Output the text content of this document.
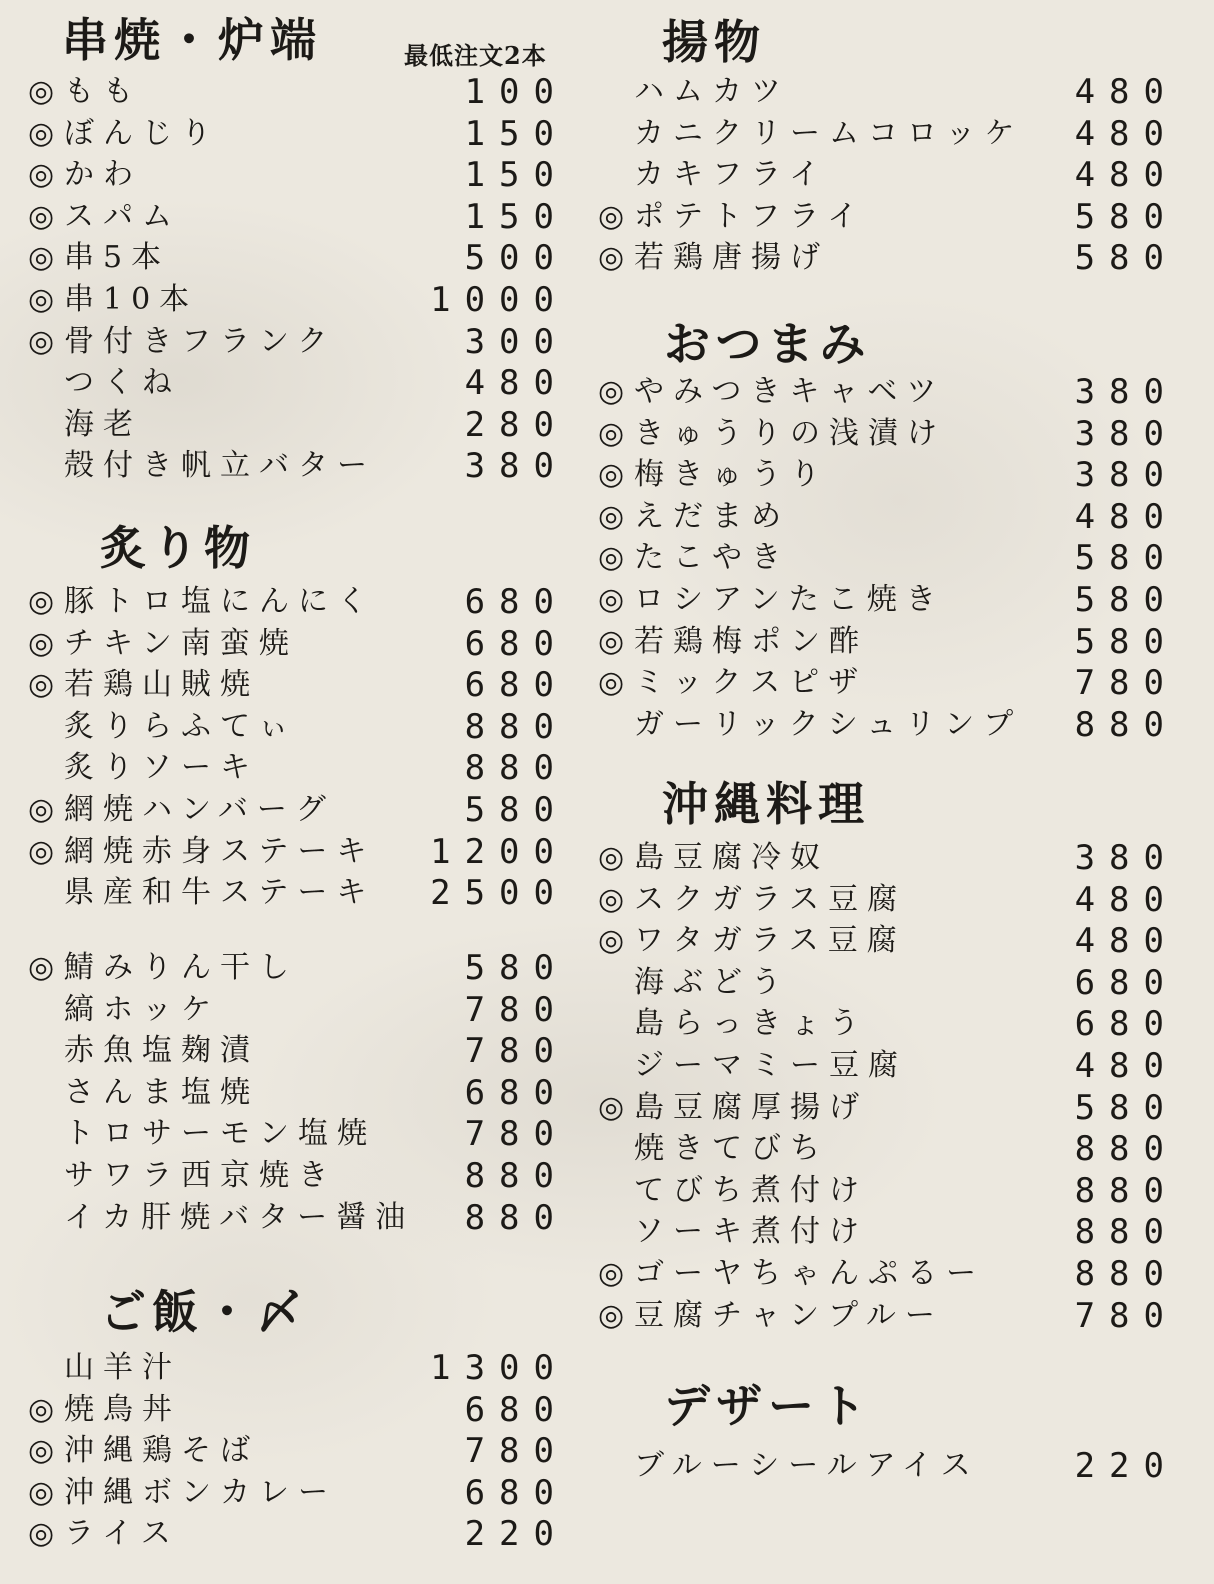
串焼・炉端	最低注文2本
◎ もも	100
◎ ぼんじり	150
◎ かわ	150
◎ スパム	150
◎ 串5本	500
◎ 串10本	1000
◎ 骨付きフランク	300
つくね	480
海老	280
殻付き帆立バター	380
炙り物
◎ 豚トロ塩にんにく	680
◎ チキン南蛮焼	680
◎ 若鶏山賊焼	680
炙りらふてぃ	880
炙りソーキ	880
◎ 網焼ハンバーグ	580
◎ 網焼赤身ステーキ	1200
県産和牛ステーキ	2500
◎ 鯖みりん干し	580
縞ホッケ	780
赤魚塩麹漬	780
さんま塩焼	680
トロサーモン塩焼	780
サワラ西京焼き	880
イカ肝焼バター醤油	880
ご飯・〆
山羊汁	1300
◎ 焼鳥丼	680
◎ 沖縄鶏そば	780
◎ 沖縄ボンカレー	680
◎ ライス	220
揚物
ハムカツ	480
カニクリームコロッケ	480
カキフライ	480
◎ ポテトフライ	580
◎ 若鶏唐揚げ	580
おつまみ
◎ やみつきキャベツ	380
◎ きゅうりの浅漬け	380
◎ 梅きゅうり	380
◎ えだまめ	480
◎ たこやき	580
◎ ロシアンたこ焼き	580
◎ 若鶏梅ポン酢	580
◎ ミックスピザ	780
ガーリックシュリンプ	880
沖縄料理
◎ 島豆腐冷奴	380
◎ スクガラス豆腐	480
◎ ワタガラス豆腐	480
海ぶどう	680
島らっきょう	680
ジーマミー豆腐	480
◎ 島豆腐厚揚げ	580
焼きてびち	880
てびち煮付け	880
ソーキ煮付け	880
◎ ゴーヤちゃんぷるー	880
◎ 豆腐チャンプルー	780
デザート
ブルーシールアイス	220
